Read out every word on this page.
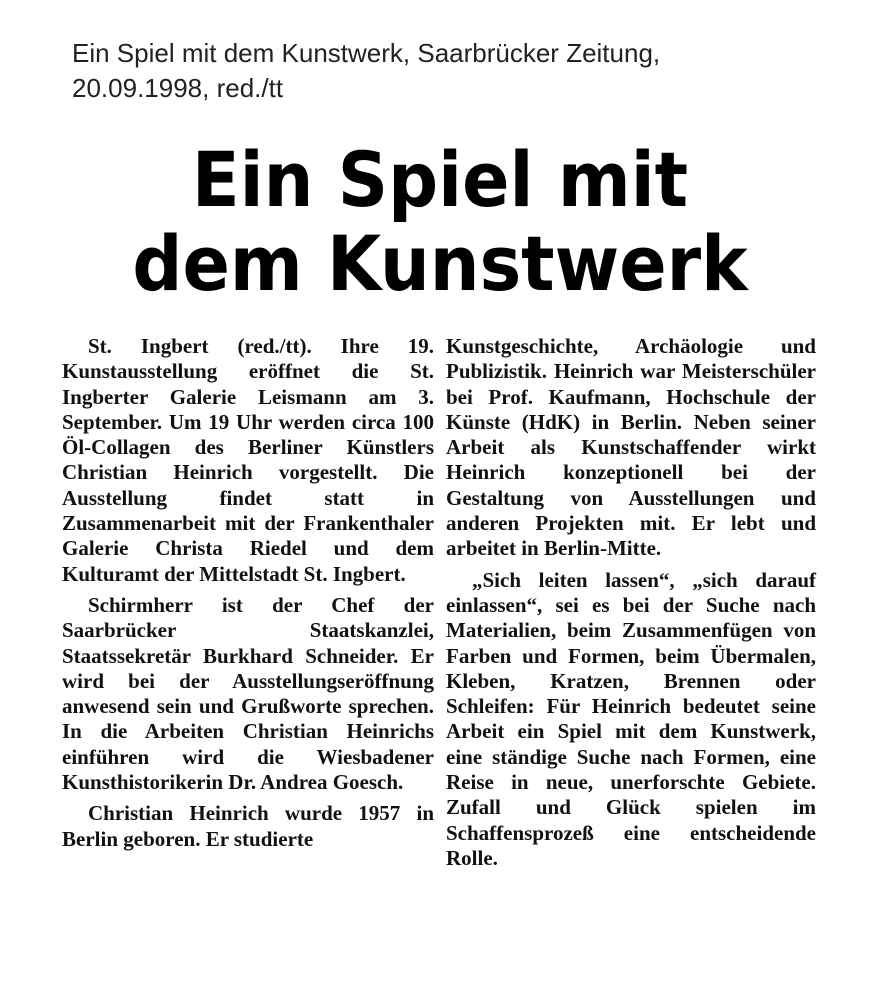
Ein Spiel mit dem Kunstwerk, Saarbrücker Zeitung,
20.09.1998, red./tt
Ein Spiel mit
dem Kunstwerk

St. Ingbert (red./tt). Ihre 19. Kunstausstellung eröffnet die St. Ingberter Galerie Leismann am 3. September. Um 19 Uhr werden circa 100 Öl-Collagen des Berliner Künstlers Christian Heinrich vorgestellt. Die Ausstellung findet statt in Zusammenarbeit mit der Frankenthaler Galerie Christa Riedel und dem Kulturamt der Mittelstadt St. Ingbert.

Schirmherr ist der Chef der Saarbrücker Staatskanzlei, Staatssekretär Burkhard Schneider. Er wird bei der Ausstellungseröffnung anwesend sein und Grußworte sprechen. In die Arbeiten Christian Heinrichs einführen wird die Wiesbadener Kunsthistorikerin Dr. Andrea Goesch.

Christian Heinrich wurde 1957 in Berlin geboren. Er studierte

Kunstgeschichte, Archäologie und Publizistik. Heinrich war Meisterschüler bei Prof. Kaufmann, Hochschule der Künste (HdK) in Berlin. Neben seiner Arbeit als Kunstschaffender wirkt Heinrich konzeptionell bei der Gestaltung von Ausstellungen und anderen Projekten mit. Er lebt und arbeitet in Berlin-Mitte.

„Sich leiten lassen“, „sich darauf einlassen“, sei es bei der Suche nach Materialien, beim Zusammenfügen von Farben und Formen, beim Übermalen, Kleben, Kratzen, Brennen oder Schleifen: Für Heinrich bedeutet seine Arbeit ein Spiel mit dem Kunstwerk, eine ständige Suche nach Formen, eine Reise in neue, unerforschte Gebiete. Zufall und Glück spielen im Schaffensprozeß eine entscheidende Rolle.
